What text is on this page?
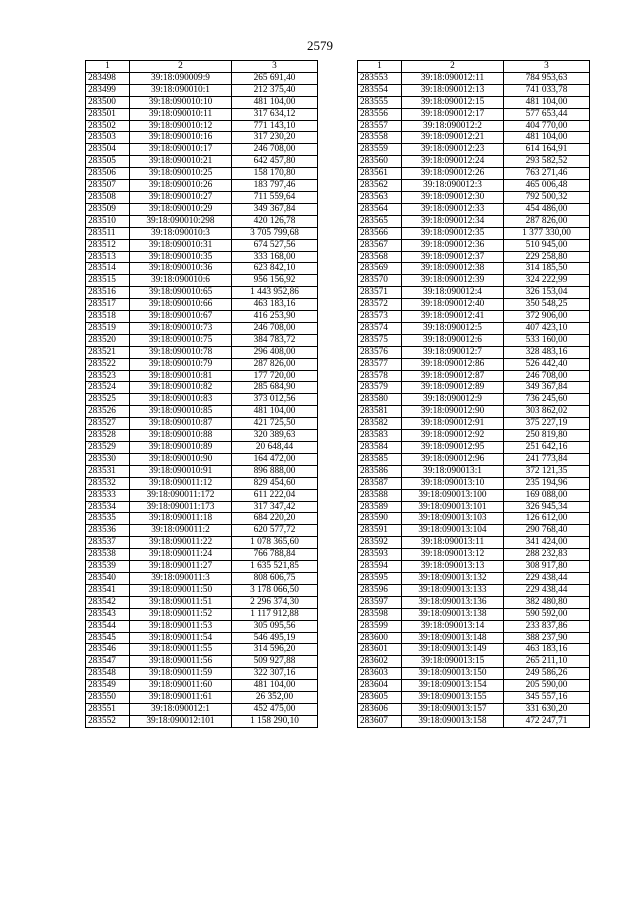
2579
1	2	3
283498	39:18:090009:9	265 691,40
283499	39:18:090010:1	212 375,40
283500	39:18:090010:10	481 104,00
283501	39:18:090010:11	317 634,12
283502	39:18:090010:12	771 143,10
283503	39:18:090010:16	317 230,20
283504	39:18:090010:17	246 708,00
283505	39:18:090010:21	642 457,80
283506	39:18:090010:25	158 170,80
283507	39:18:090010:26	183 797,46
283508	39:18:090010:27	711 559,64
283509	39:18:090010:29	349 367,84
283510	39:18:090010:298	420 126,78
283511	39:18:090010:3	3 705 799,68
283512	39:18:090010:31	674 527,56
283513	39:18:090010:35	333 168,00
283514	39:18:090010:36	623 842,10
283515	39:18:090010:6	956 156,92
283516	39:18:090010:65	1 443 952,86
283517	39:18:090010:66	463 183,16
283518	39:18:090010:67	416 253,90
283519	39:18:090010:73	246 708,00
283520	39:18:090010:75	384 783,72
283521	39:18:090010:78	296 408,00
283522	39:18:090010:79	287 826,00
283523	39:18:090010:81	177 720,00
283524	39:18:090010:82	285 684,90
283525	39:18:090010:83	373 012,56
283526	39:18:090010:85	481 104,00
283527	39:18:090010:87	421 725,50
283528	39:18:090010:88	320 389,63
283529	39:18:090010:89	20 648,44
283530	39:18:090010:90	164 472,00
283531	39:18:090010:91	896 888,00
283532	39:18:090011:12	829 454,60
283533	39:18:090011:172	611 222,04
283534	39:18:090011:173	317 347,42
283535	39:18:090011:18	684 220,20
283536	39:18:090011:2	620 577,72
283537	39:18:090011:22	1 078 365,60
283538	39:18:090011:24	766 788,84
283539	39:18:090011:27	1 635 521,85
283540	39:18:090011:3	808 606,75
283541	39:18:090011:50	3 178 066,50
283542	39:18:090011:51	2 296 374,30
283543	39:18:090011:52	1 117 912,88
283544	39:18:090011:53	305 095,56
283545	39:18:090011:54	546 495,19
283546	39:18:090011:55	314 596,20
283547	39:18:090011:56	509 927,88
283548	39:18:090011:59	322 307,16
283549	39:18:090011:60	481 104,00
283550	39:18:090011:61	26 352,00
283551	39:18:090012:1	452 475,00
283552	39:18:090012:101	1 158 290,10
1	2	3
283553	39:18:090012:11	784 953,63
283554	39:18:090012:13	741 033,78
283555	39:18:090012:15	481 104,00
283556	39:18:090012:17	577 653,44
283557	39:18:090012:2	404 770,00
283558	39:18:090012:21	481 104,00
283559	39:18:090012:23	614 164,91
283560	39:18:090012:24	293 582,52
283561	39:18:090012:26	763 271,46
283562	39:18:090012:3	465 006,48
283563	39:18:090012:30	792 500,32
283564	39:18:090012:33	454 486,00
283565	39:18:090012:34	287 826,00
283566	39:18:090012:35	1 377 330,00
283567	39:18:090012:36	510 945,00
283568	39:18:090012:37	229 258,80
283569	39:18:090012:38	314 185,50
283570	39:18:090012:39	324 222,99
283571	39:18:090012:4	326 153,04
283572	39:18:090012:40	350 548,25
283573	39:18:090012:41	372 906,00
283574	39:18:090012:5	407 423,10
283575	39:18:090012:6	533 160,00
283576	39:18:090012:7	328 483,16
283577	39:18:090012:86	526 442,40
283578	39:18:090012:87	246 708,00
283579	39:18:090012:89	349 367,84
283580	39:18:090012:9	736 245,60
283581	39:18:090012:90	303 862,02
283582	39:18:090012:91	375 227,19
283583	39:18:090012:92	250 819,80
283584	39:18:090012:95	251 642,16
283585	39:18:090012:96	241 773,84
283586	39:18:090013:1	372 121,35
283587	39:18:090013:10	235 194,96
283588	39:18:090013:100	169 088,00
283589	39:18:090013:101	326 945,34
283590	39:18:090013:103	126 612,00
283591	39:18:090013:104	290 768,40
283592	39:18:090013:11	341 424,00
283593	39:18:090013:12	288 232,83
283594	39:18:090013:13	308 917,80
283595	39:18:090013:132	229 438,44
283596	39:18:090013:133	229 438,44
283597	39:18:090013:136	382 480,80
283598	39:18:090013:138	590 592,00
283599	39:18:090013:14	233 837,86
283600	39:18:090013:148	388 237,90
283601	39:18:090013:149	463 183,16
283602	39:18:090013:15	265 211,10
283603	39:18:090013:150	249 586,26
283604	39:18:090013:154	205 590,00
283605	39:18:090013:155	345 557,16
283606	39:18:090013:157	331 630,20
283607	39:18:090013:158	472 247,71
